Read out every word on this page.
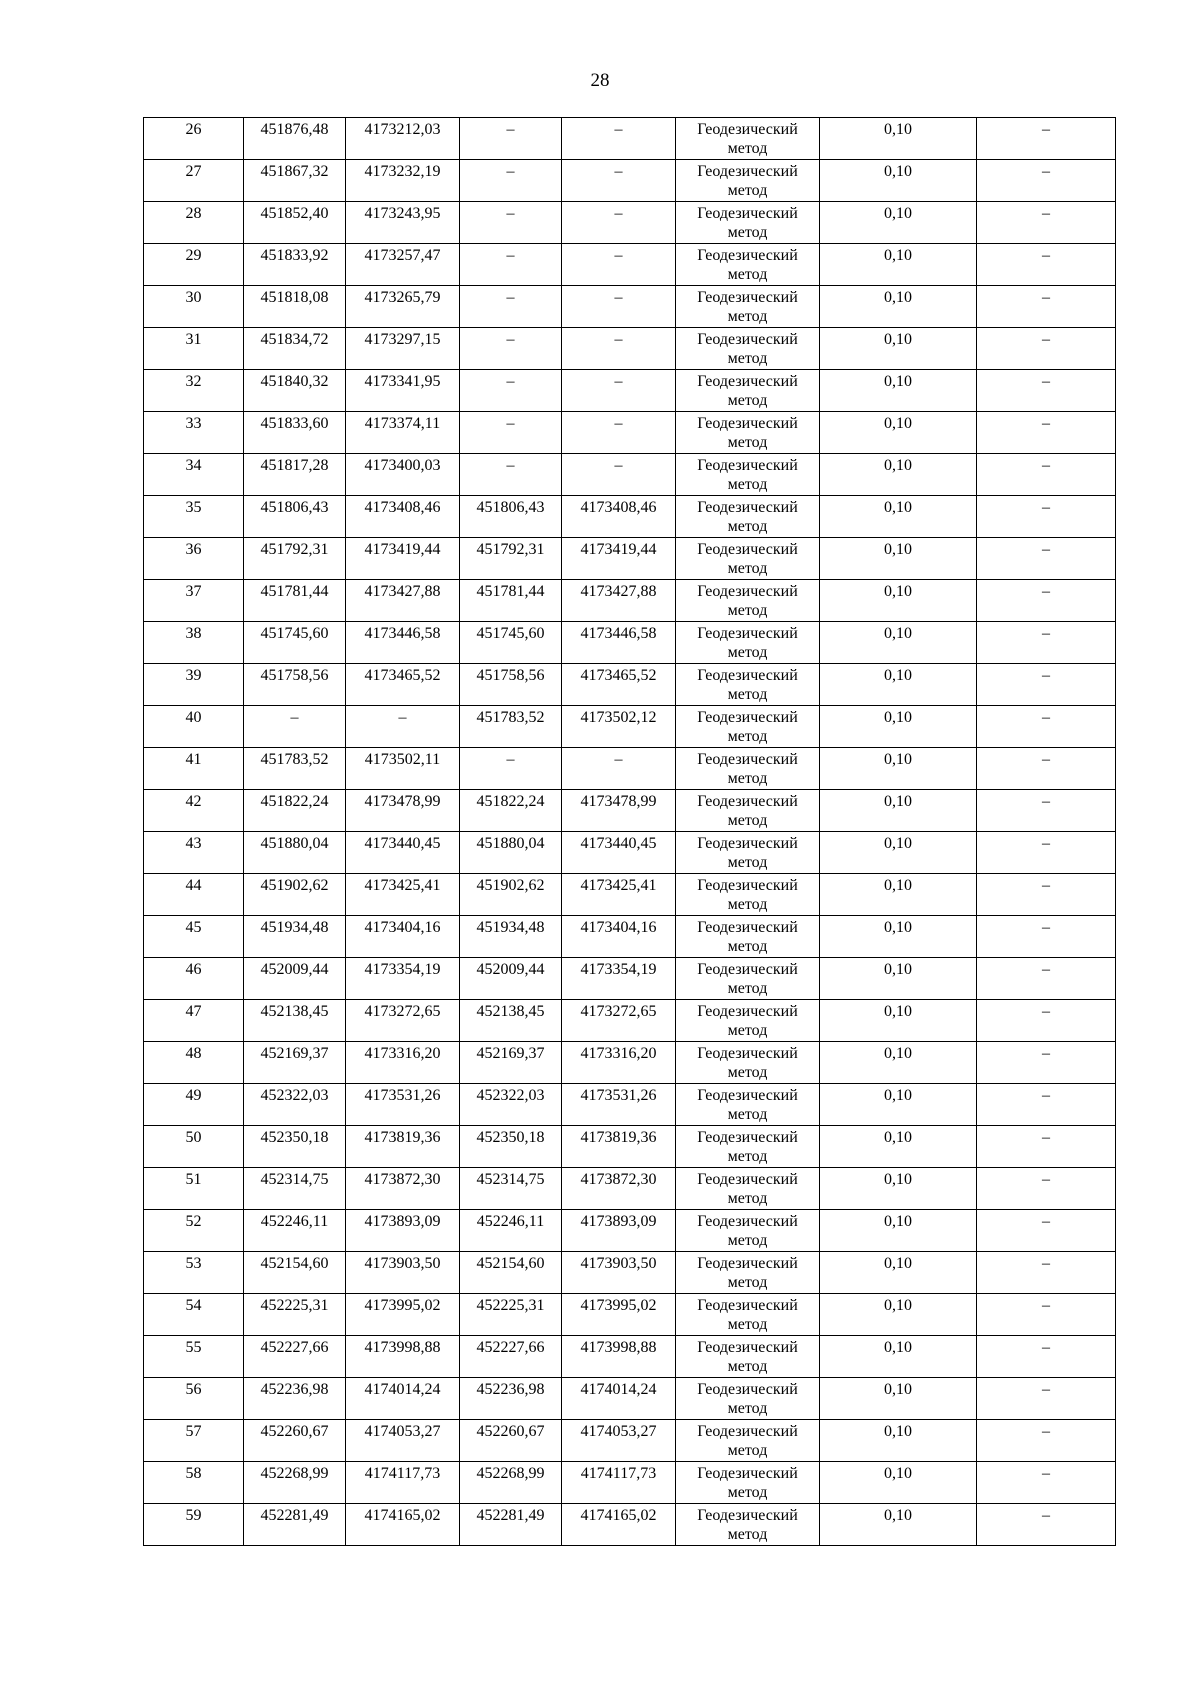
28
26	451876,48	4173212,03	–	–	Геодезический метод	0,10	–
27	451867,32	4173232,19	–	–	Геодезический метод	0,10	–
28	451852,40	4173243,95	–	–	Геодезический метод	0,10	–
29	451833,92	4173257,47	–	–	Геодезический метод	0,10	–
30	451818,08	4173265,79	–	–	Геодезический метод	0,10	–
31	451834,72	4173297,15	–	–	Геодезический метод	0,10	–
32	451840,32	4173341,95	–	–	Геодезический метод	0,10	–
33	451833,60	4173374,11	–	–	Геодезический метод	0,10	–
34	451817,28	4173400,03	–	–	Геодезический метод	0,10	–
35	451806,43	4173408,46	451806,43	4173408,46	Геодезический метод	0,10	–
36	451792,31	4173419,44	451792,31	4173419,44	Геодезический метод	0,10	–
37	451781,44	4173427,88	451781,44	4173427,88	Геодезический метод	0,10	–
38	451745,60	4173446,58	451745,60	4173446,58	Геодезический метод	0,10	–
39	451758,56	4173465,52	451758,56	4173465,52	Геодезический метод	0,10	–
40	–	–	451783,52	4173502,12	Геодезический метод	0,10	–
41	451783,52	4173502,11	–	–	Геодезический метод	0,10	–
42	451822,24	4173478,99	451822,24	4173478,99	Геодезический метод	0,10	–
43	451880,04	4173440,45	451880,04	4173440,45	Геодезический метод	0,10	–
44	451902,62	4173425,41	451902,62	4173425,41	Геодезический метод	0,10	–
45	451934,48	4173404,16	451934,48	4173404,16	Геодезический метод	0,10	–
46	452009,44	4173354,19	452009,44	4173354,19	Геодезический метод	0,10	–
47	452138,45	4173272,65	452138,45	4173272,65	Геодезический метод	0,10	–
48	452169,37	4173316,20	452169,37	4173316,20	Геодезический метод	0,10	–
49	452322,03	4173531,26	452322,03	4173531,26	Геодезический метод	0,10	–
50	452350,18	4173819,36	452350,18	4173819,36	Геодезический метод	0,10	–
51	452314,75	4173872,30	452314,75	4173872,30	Геодезический метод	0,10	–
52	452246,11	4173893,09	452246,11	4173893,09	Геодезический метод	0,10	–
53	452154,60	4173903,50	452154,60	4173903,50	Геодезический метод	0,10	–
54	452225,31	4173995,02	452225,31	4173995,02	Геодезический метод	0,10	–
55	452227,66	4173998,88	452227,66	4173998,88	Геодезический метод	0,10	–
56	452236,98	4174014,24	452236,98	4174014,24	Геодезический метод	0,10	–
57	452260,67	4174053,27	452260,67	4174053,27	Геодезический метод	0,10	–
58	452268,99	4174117,73	452268,99	4174117,73	Геодезический метод	0,10	–
59	452281,49	4174165,02	452281,49	4174165,02	Геодезический метод	0,10	–
